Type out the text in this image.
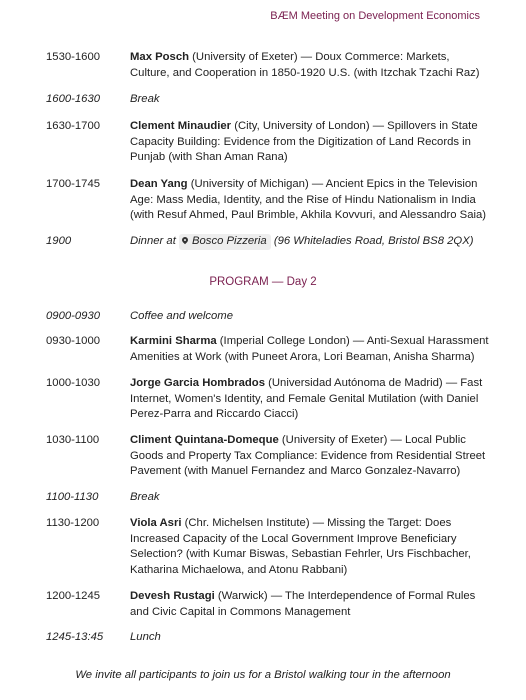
BÆM Meeting on Development Economics
1530-1600	Max Posch (University of Exeter) — Doux Commerce: Markets, Culture, and Cooperation in 1850-1920 U.S. (with Itzchak Tzachi Raz)
1600-1630	Break
1630-1700	Clement Minaudier (City, University of London) — Spillovers in State Capacity Building: Evidence from the Digitization of Land Records in Punjab (with Shan Aman Rana)
1700-1745	Dean Yang (University of Michigan) — Ancient Epics in the Television Age: Mass Media, Identity, and the Rise of Hindu Nationalism in India (with Resuf Ahmed, Paul Brimble, Akhila Kovvuri, and Alessandro Saia)
1900	Dinner at Bosco Pizzeria (96 Whiteladies Road, Bristol BS8 2QX)
PROGRAM — Day 2
0900-0930	Coffee and welcome
0930-1000	Karmini Sharma (Imperial College London) — Anti-Sexual Harassment Amenities at Work (with Puneet Arora, Lori Beaman, Anisha Sharma)
1000-1030	Jorge Garcia Hombrados (Universidad Autónoma de Madrid) — Fast Internet, Women's Identity, and Female Genital Mutilation (with Daniel Perez-Parra and Riccardo Ciacci)
1030-1100	Climent Quintana-Domeque (University of Exeter) — Local Public Goods and Property Tax Compliance: Evidence from Residential Street Pavement (with Manuel Fernandez and Marco Gonzalez-Navarro)
1100-1130	Break
1130-1200	Viola Asri (Chr. Michelsen Institute) — Missing the Target: Does Increased Capacity of the Local Government Improve Beneficiary Selection? (with Kumar Biswas, Sebastian Fehrler, Urs Fischbacher, Katharina Michaelowa, and Atonu Rabbani)
1200-1245	Devesh Rustagi (Warwick) — The Interdependence of Formal Rules and Civic Capital in Commons Management
1245-13:45	Lunch
We invite all participants to join us for a Bristol walking tour in the afternoon
